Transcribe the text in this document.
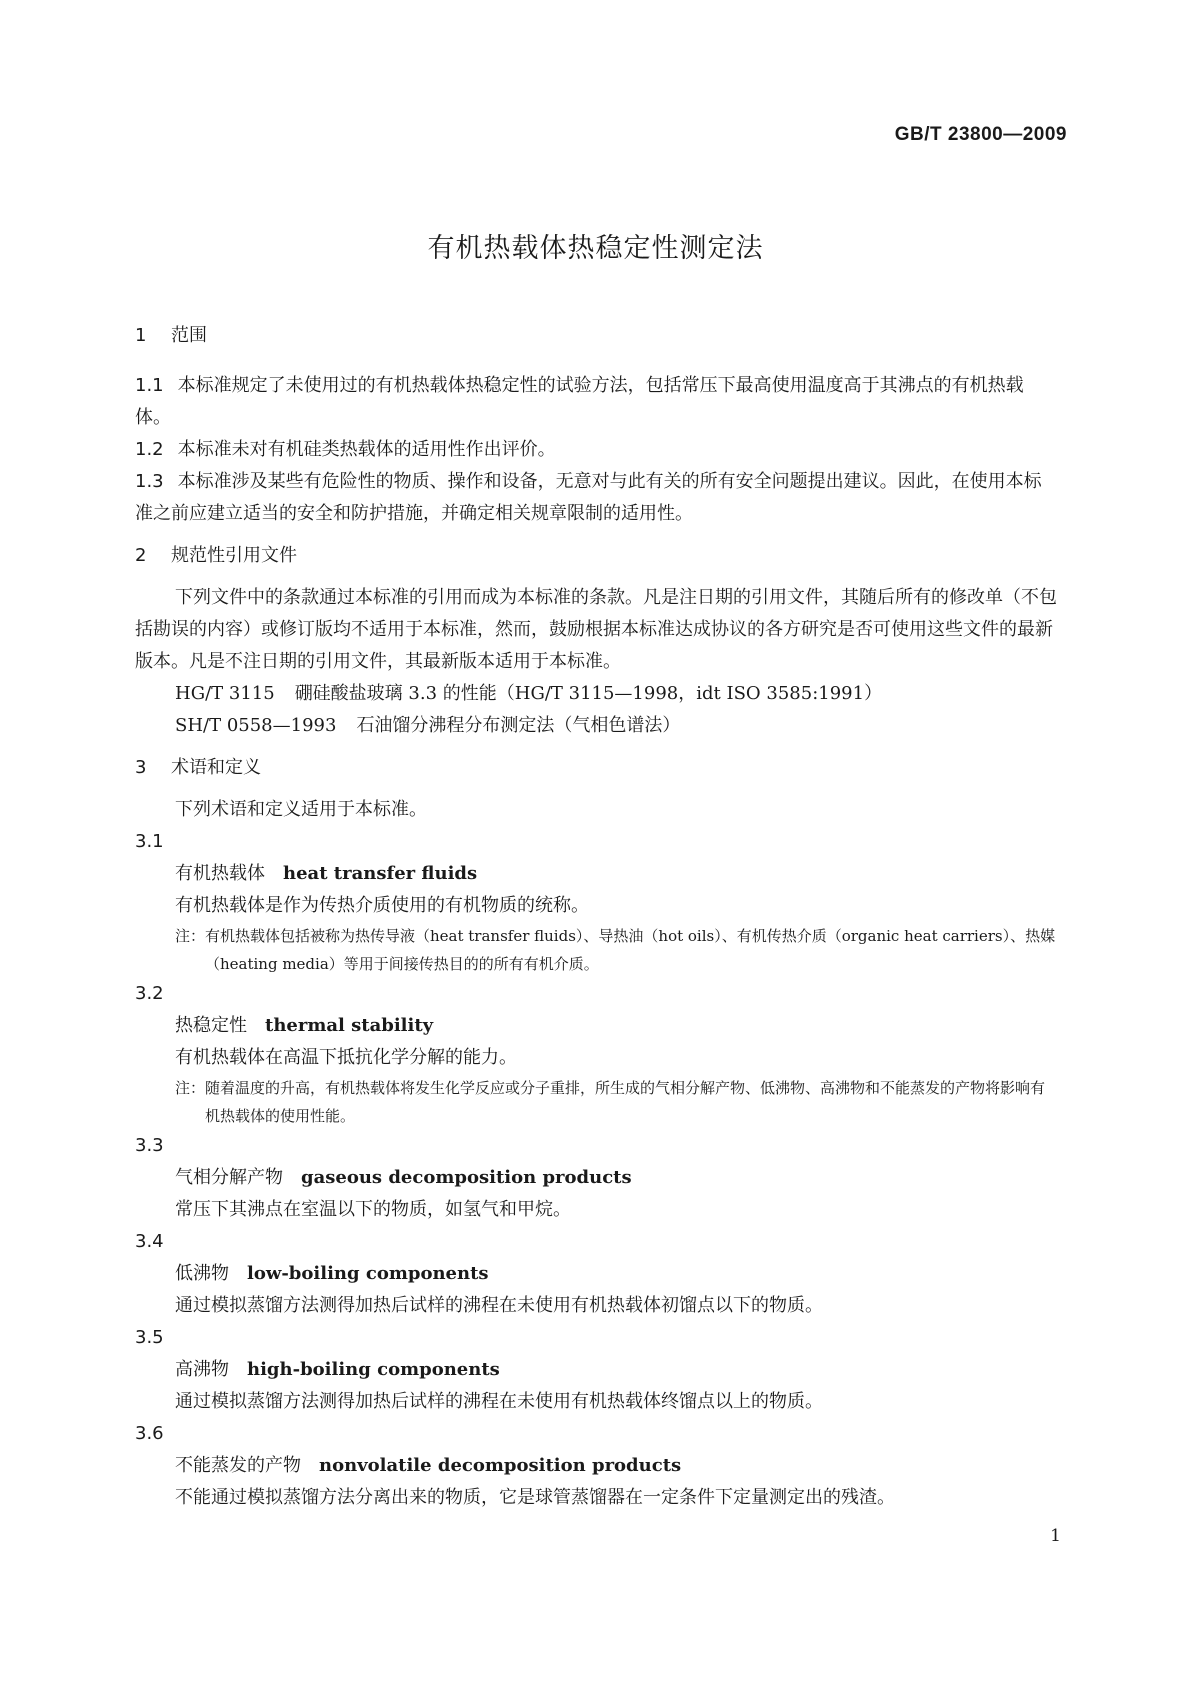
GB/T 23800—2009
有机热载体热稳定性测定法
1 范围

1.1 本标准规定了未使用过的有机热载体热稳定性的试验方法，包括常压下最高使用温度高于其沸点的有机热载体。

1.2 本标准未对有机硅类热载体的适用性作出评价。

1.3 本标准涉及某些有危险性的物质、操作和设备，无意对与此有关的所有安全问题提出建议。因此，在使用本标准之前应建立适当的安全和防护措施，并确定相关规章限制的适用性。

2 规范性引用文件

下列文件中的条款通过本标准的引用而成为本标准的条款。凡是注日期的引用文件，其随后所有的修改单（不包括勘误的内容）或修订版均不适用于本标准，然而，鼓励根据本标准达成协议的各方研究是否可使用这些文件的最新版本。凡是不注日期的引用文件，其最新版本适用于本标准。

HG/T 3115 硼硅酸盐玻璃 3.3 的性能（HG/T 3115—1998，idt ISO 3585:1991）

SH/T 0558—1993 石油馏分沸程分布测定法（气相色谱法）

3 术语和定义

下列术语和定义适用于本标准。

3.1

有机热载体 heat transfer fluids

有机热载体是作为传热介质使用的有机物质的统称。

注： 有机热载体包括被称为热传导液（heat transfer fluids）、导热油（hot oils）、有机传热介质（organic heat carriers）、热媒（heating media）等用于间接传热目的的所有有机介质。

3.2

热稳定性 thermal stability

有机热载体在高温下抵抗化学分解的能力。

注： 随着温度的升高，有机热载体将发生化学反应或分子重排，所生成的气相分解产物、低沸物、高沸物和不能蒸发的产物将影响有机热载体的使用性能。

3.3

气相分解产物 gaseous decomposition products

常压下其沸点在室温以下的物质，如氢气和甲烷。

3.4

低沸物 low-boiling components

通过模拟蒸馏方法测得加热后试样的沸程在未使用有机热载体初馏点以下的物质。

3.5

高沸物 high-boiling components

通过模拟蒸馏方法测得加热后试样的沸程在未使用有机热载体终馏点以上的物质。

3.6

不能蒸发的产物 nonvolatile decomposition products

不能通过模拟蒸馏方法分离出来的物质，它是球管蒸馏器在一定条件下定量测定出的残渣。

1
